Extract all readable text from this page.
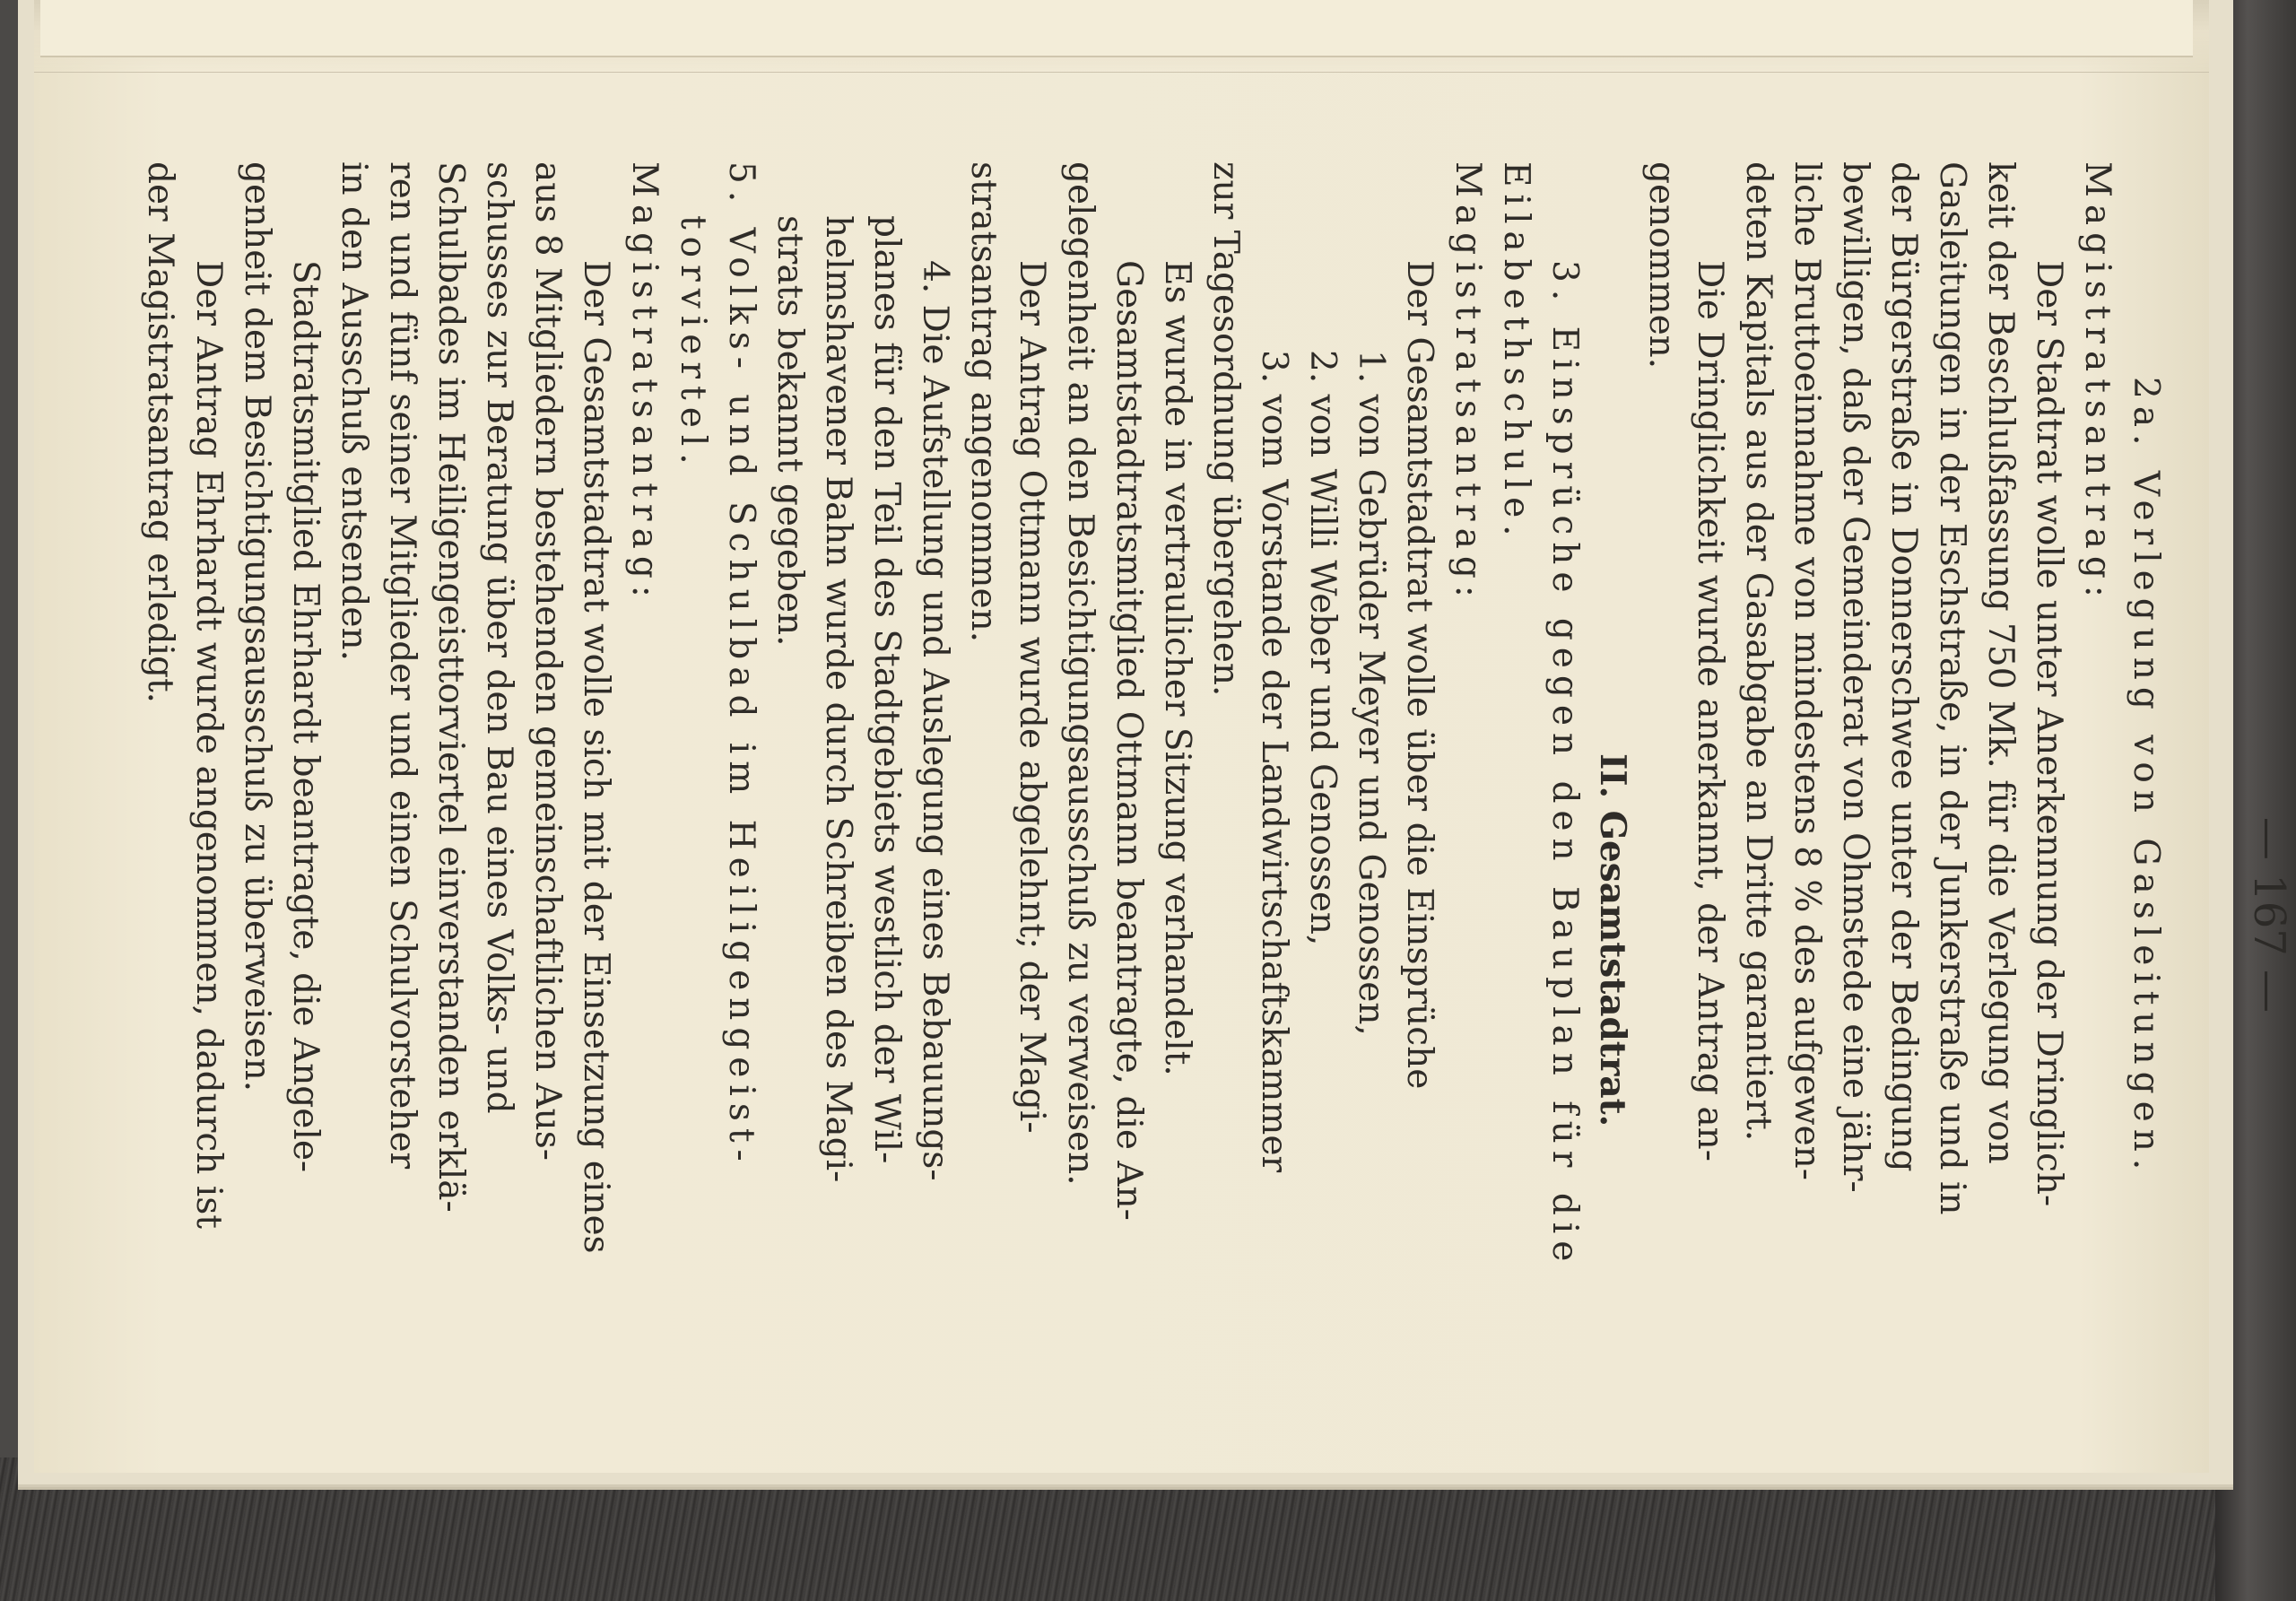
— 167 —
2a. Verlegung von Gasleitungen.
Magistratsantrag:
Der Stadtrat wolle unter Anerkennung der Dringlich-
keit der Beschlußfassung 750 Mk. für die Verlegung von
Gasleitungen in der Eschstraße, in der Junkerstraße und in
der Bürgerstraße in Donnerschwee unter der Bedingung
bewilligen, daß der Gemeinderat von Ohmstede eine jähr-
liche Bruttoeinnahme von mindestens 8 % des aufgewen-
deten Kapitals aus der Gasabgabe an Dritte garantiert.
Die Dringlichkeit wurde anerkannt, der Antrag an-
genommen.
II. Gesamtstadtrat.
3. Einsprüche gegen den Bauplan für die
Eilabethschule.
Magistratsantrag:
Der Gesamtstadtrat wolle über die Einsprüche
1. von Gebrüder Meyer und Genossen,
2. von Willi Weber und Genossen,
3. vom Vorstande der Landwirtschaftskammer
zur Tagesordnung übergehen.
Es wurde in vertraulicher Sitzung verhandelt.
Gesamtstadtratsmitglied Ottmann beantragte, die An-
gelegenheit an den Besichtigungsausschuß zu verweisen.
Der Antrag Ottmann wurde abgelehnt; der Magi-
stratsantrag angenommen.
4. Die Aufstellung und Auslegung eines Bebauungs-
planes für den Teil des Stadtgebiets westlich der Wil-
helmshavener Bahn wurde durch Schreiben des Magi-
strats bekannt gegeben.
5. Volks- und Schulbad im Heiligengeist-
torviertel.
Magistratsantrag:
Der Gesamtstadtrat wolle sich mit der Einsetzung eines
aus 8 Mitgliedern bestehenden gemeinschaftlichen Aus-
schusses zur Beratung über den Bau eines Volks- und
Schulbades im Heiligengeisttorviertel einverstanden erklä-
ren und fünf seiner Mitglieder und einen Schulvorsteher
in den Ausschuß entsenden.
Stadtratsmitglied Ehrhardt beantragte, die Angele-
genheit dem Besichtigungsausschuß zu überweisen.
Der Antrag Ehrhardt wurde angenommen, dadurch ist
der Magistratsantrag erledigt.
